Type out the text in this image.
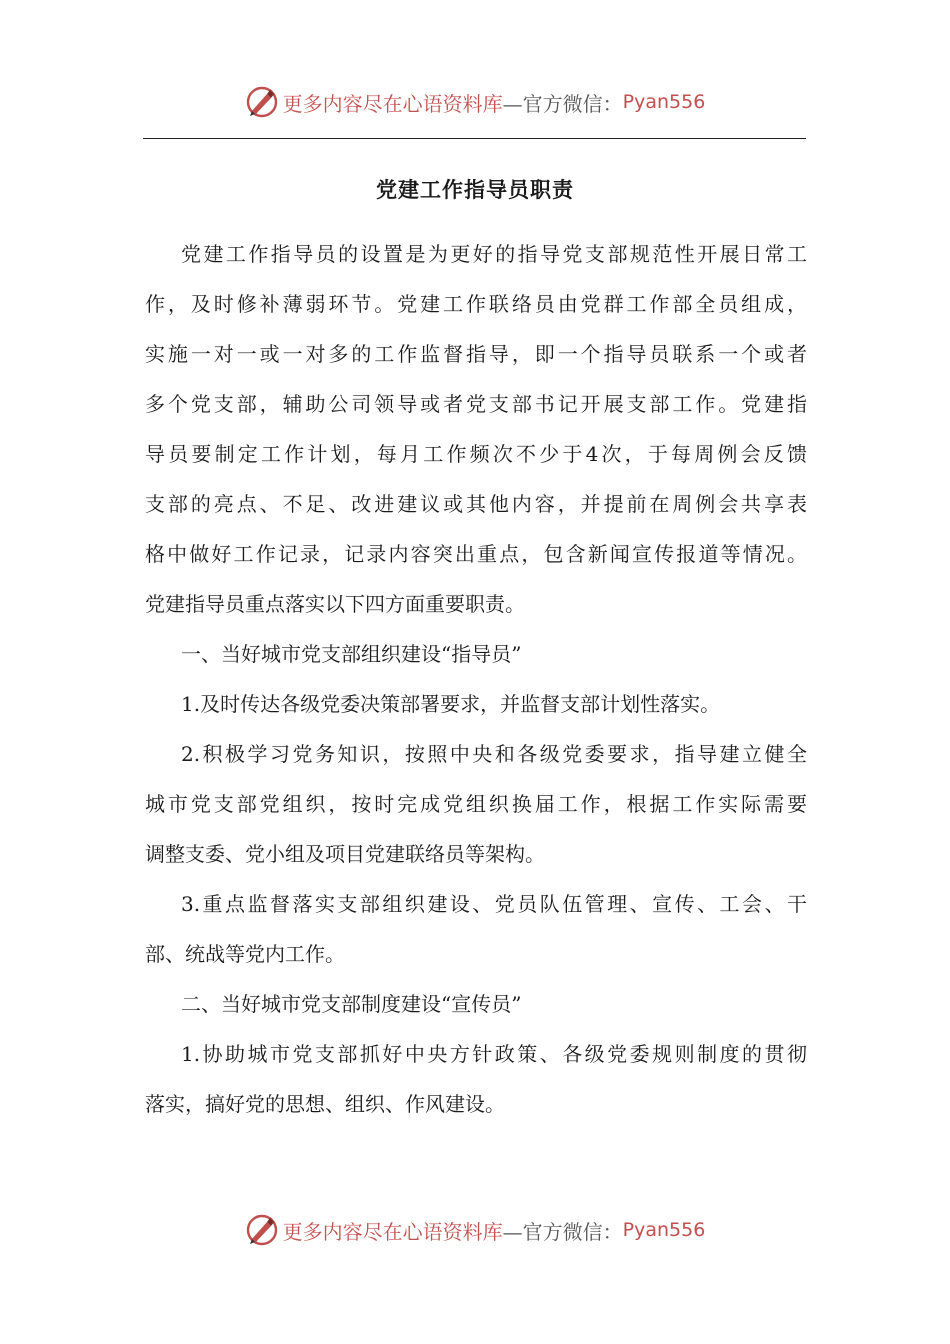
更多内容尽在心语资料库 —官方微信： Pyan556
党建工作指导员职责
党建工作指导员的设置是为更好的指导党支部规范性开展日常工
作，及时修补薄弱环节。党建工作联络员由党群工作部全员组成，
实施一对一或一对多的工作监督指导，即一个指导员联系一个或者
多个党支部，辅助公司领导或者党支部书记开展支部工作。党建指
导员要制定工作计划，每月工作频次不少于4次，于每周例会反馈
支部的亮点、不足、改进建议或其他内容，并提前在周例会共享表
格中做好工作记录，记录内容突出重点，包含新闻宣传报道等情况。
党建指导员重点落实以下四方面重要职责。
一、当好城市党支部组织建设“指导员”
1.及时传达各级党委决策部署要求，并监督支部计划性落实。
2.积极学习党务知识，按照中央和各级党委要求，指导建立健全
城市党支部党组织，按时完成党组织换届工作，根据工作实际需要
调整支委、党小组及项目党建联络员等架构。
3.重点监督落实支部组织建设、党员队伍管理、宣传、工会、干
部、统战等党内工作。
二、当好城市党支部制度建设“宣传员”
1.协助城市党支部抓好中央方针政策、各级党委规则制度的贯彻
落实，搞好党的思想、组织、作风建设。
更多内容尽在心语资料库 —官方微信： Pyan556
